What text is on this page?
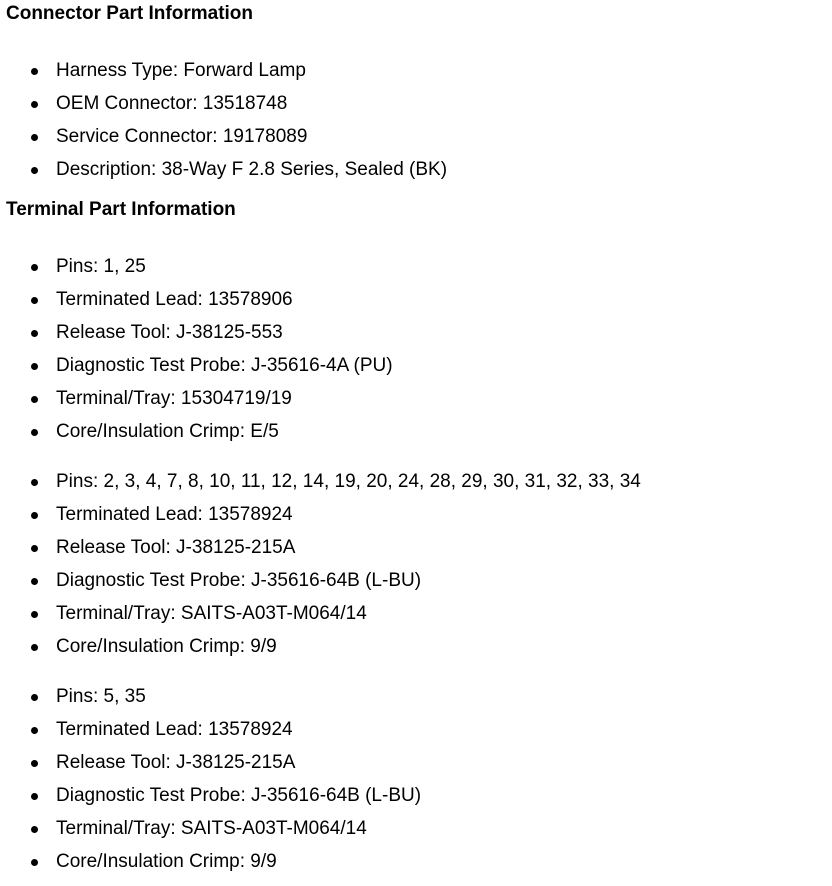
Connector Part Information
Harness Type: Forward Lamp
OEM Connector: 13518748
Service Connector: 19178089
Description: 38-Way F 2.8 Series, Sealed (BK)
Terminal Part Information
Pins: 1, 25
Terminated Lead: 13578906
Release Tool: J-38125-553
Diagnostic Test Probe: J-35616-4A (PU)
Terminal/Tray: 15304719/19
Core/Insulation Crimp: E/5
Pins: 2, 3, 4, 7, 8, 10, 11, 12, 14, 19, 20, 24, 28, 29, 30, 31, 32, 33, 34
Terminated Lead: 13578924
Release Tool: J-38125-215A
Diagnostic Test Probe: J-35616-64B (L-BU)
Terminal/Tray: SAITS-A03T-M064/14
Core/Insulation Crimp: 9/9
Pins: 5, 35
Terminated Lead: 13578924
Release Tool: J-38125-215A
Diagnostic Test Probe: J-35616-64B (L-BU)
Terminal/Tray: SAITS-A03T-M064/14
Core/Insulation Crimp: 9/9
